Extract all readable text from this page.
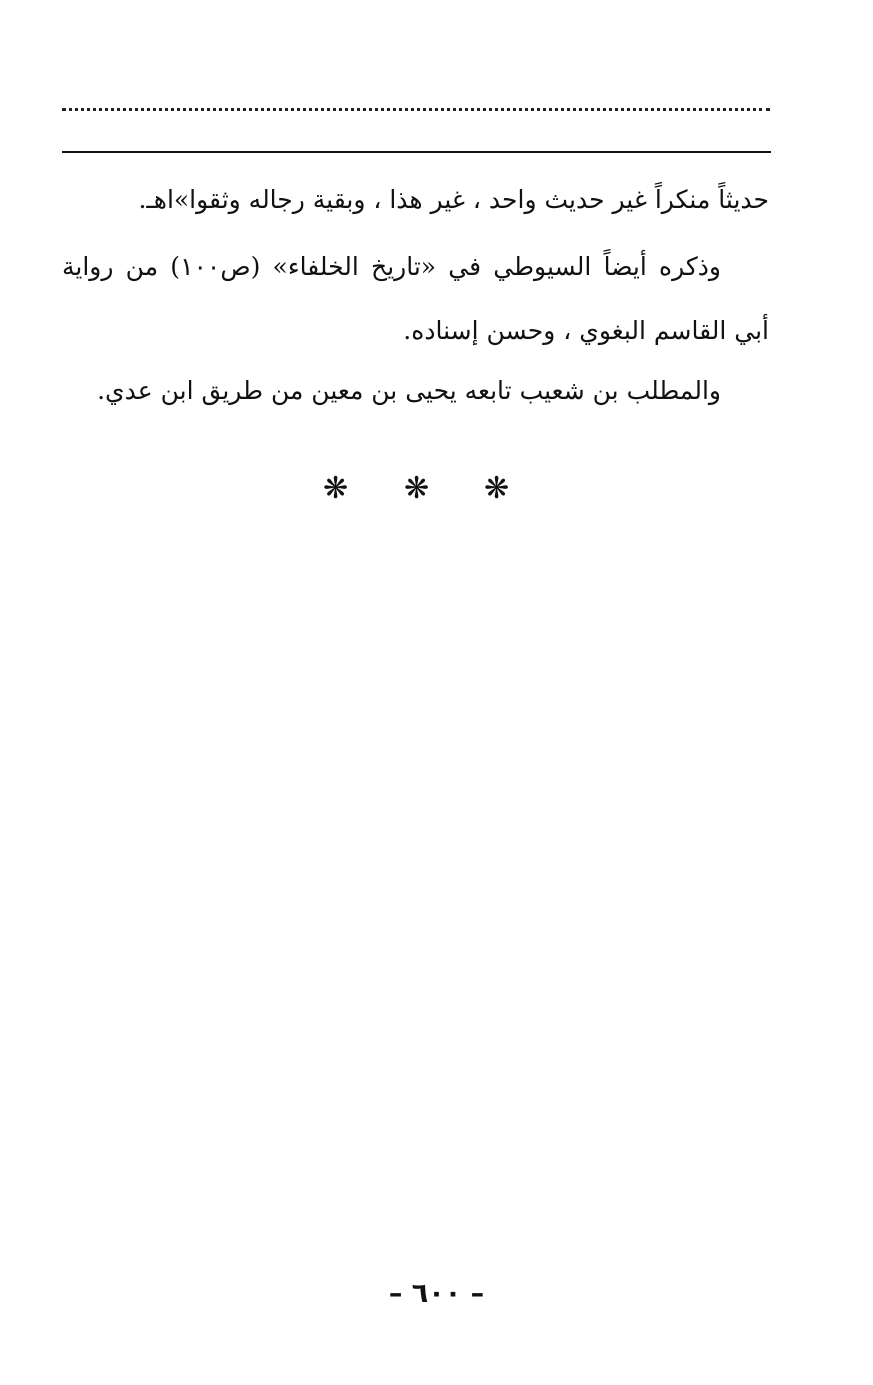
حديثاً منكراً غير حديث واحد ، غير هذا ، وبقية رجاله وثقوا»اهـ.
وذكره أيضاً السيوطي في «تاريخ الخلفاء» (ص١٠٠) من رواية
أبي القاسم البغوي ، وحسن إسناده.
والمطلب بن شعيب تابعه يحيى بن معين من طريق ابن عدي.
❋ ❋ ❋
– ٦٠٠ –
